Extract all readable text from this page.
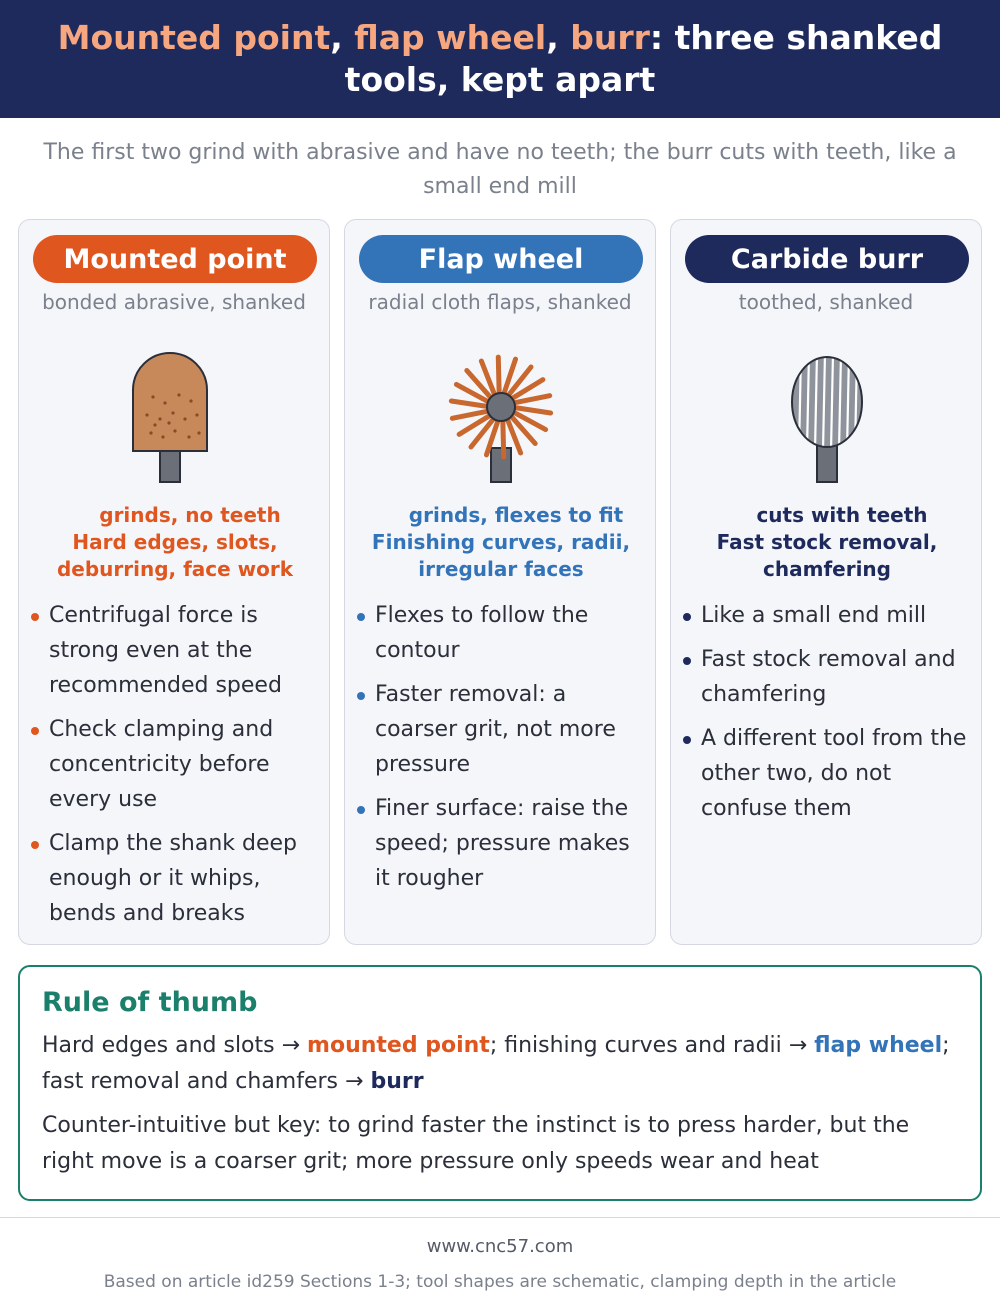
Mounted point, flap wheel, burr: three shanked tools, kept apart
The first two grind with abrasive and have no teeth; the burr cuts with teeth, like a small end mill
Mounted point
bonded abrasive, shanked
grinds, no teeth
Hard edges, slots, deburring, face work
Centrifugal force is strong even at the recommended speed
Check clamping and concentricity before every use
Clamp the shank deep enough or it whips, bends and breaks
Flap wheel
radial cloth flaps, shanked
grinds, flexes to fit
Finishing curves, radii, irregular faces
Flexes to follow the contour
Faster removal: a coarser grit, not more pressure
Finer surface: raise the speed; pressure makes it rougher
Carbide burr
toothed, shanked
cuts with teeth
Fast stock removal, chamfering
Like a small end mill
Fast stock removal and chamfering
A different tool from the other two, do not confuse them
Rule of thumb

Hard edges and slots → mounted point; finishing curves and radii → flap wheel; fast removal and chamfers → burr

Counter-intuitive but key: to grind faster the instinct is to press harder, but the right move is a coarser grit; more pressure only speeds wear and heat

www.cnc57.com
Based on article id259 Sections 1-3; tool shapes are schematic, clamping depth in the article
